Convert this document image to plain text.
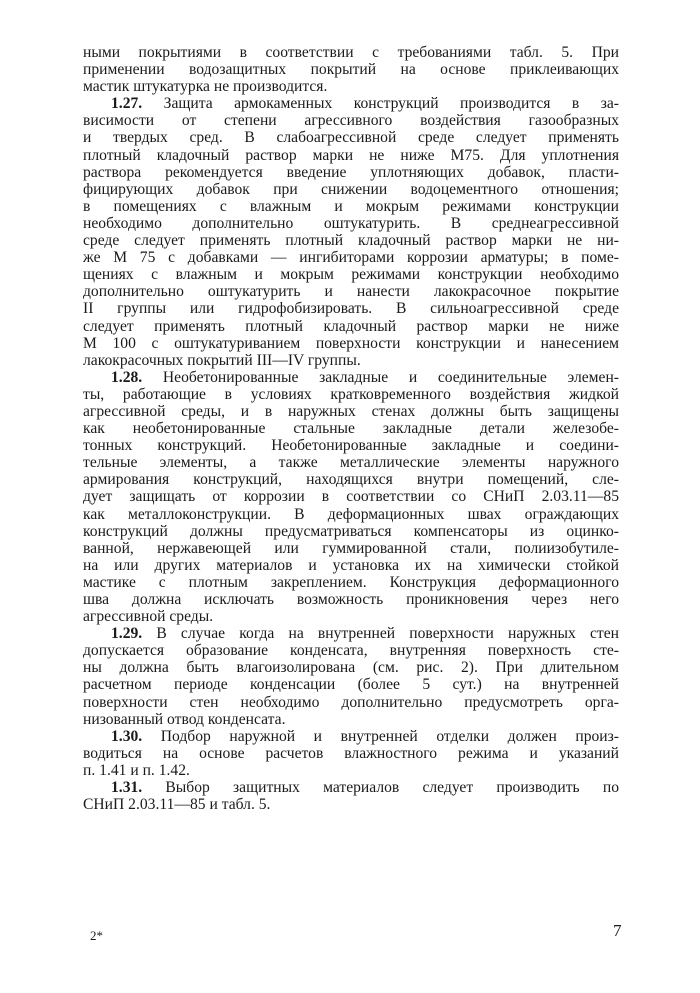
ными покрытиями в соответствии с требованиями табл. 5. При
применении водозащитных покрытий на основе приклеивающих
мастик штукатурка не производится.
1.27. Защита армокаменных конструкций производится в за-
висимости от степени агрессивного воздействия газообразных
и твердых сред. В слабоагрессивной среде следует применять
плотный кладочный раствор марки не ниже М75. Для уплотнения
раствора рекомендуется введение уплотняющих добавок, пласти-
фицирующих добавок при снижении водоцементного отношения;
в помещениях с влажным и мокрым режимами конструкции
необходимо дополнительно оштукатурить. В среднеагрессивной
среде следует применять плотный кладочный раствор марки не ни-
же М 75 с добавками — ингибиторами коррозии арматуры; в поме-
щениях с влажным и мокрым режимами конструкции необходимо
дополнительно оштукатурить и нанести лакокрасочное покрытие
II группы или гидрофобизировать. В сильноагрессивной среде
следует применять плотный кладочный раствор марки не ниже
М 100 с оштукатуриванием поверхности конструкции и нанесением
лакокрасочных покрытий III—IV группы.
1.28. Необетонированные закладные и соединительные элемен-
ты, работающие в условиях кратковременного воздействия жидкой
агрессивной среды, и в наружных стенах должны быть защищены
как необетонированные стальные закладные детали железобе-
тонных конструкций. Необетонированные закладные и соедини-
тельные элементы, а также металлические элементы наружного
армирования конструкций, находящихся внутри помещений, сле-
дует защищать от коррозии в соответствии со СНиП 2.03.11—85
как металлоконструкции. В деформационных швах ограждающих
конструкций должны предусматриваться компенсаторы из оцинко-
ванной, нержавеющей или гуммированной стали, полиизобутиле-
на или других материалов и установка их на химически стойкой
мастике с плотным закреплением. Конструкция деформационного
шва должна исключать возможность проникновения через него
агрессивной среды.
1.29. В случае когда на внутренней поверхности наружных стен
допускается образование конденсата, внутренняя поверхность сте-
ны должна быть влагоизолирована (см. рис. 2). При длительном
расчетном периоде конденсации (более 5 сут.) на внутренней
поверхности стен необходимо дополнительно предусмотреть орга-
низованный отвод конденсата.
1.30. Подбор наружной и внутренней отделки должен произ-
водиться на основе расчетов влажностного режима и указаний
п. 1.41 и п. 1.42.
1.31. Выбор защитных материалов следует производить по
СНиП 2.03.11—85 и табл. 5.
2*	7
